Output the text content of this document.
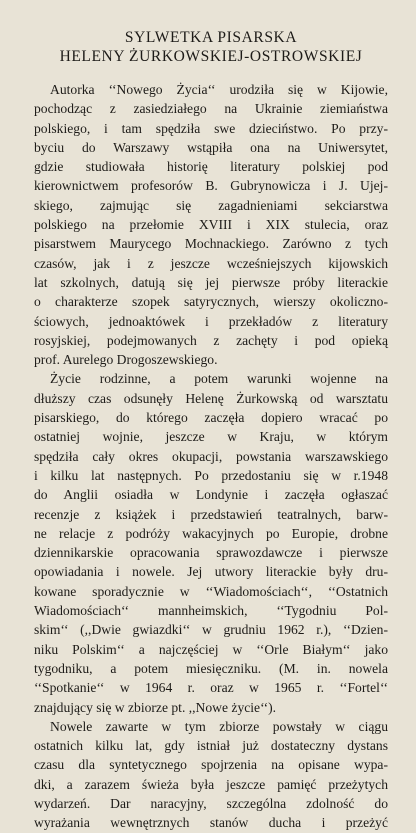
SYLWETKA PISARSKA
HELENY ŻURKOWSKIEJ-OSTROWSKIEJ
Autorka ‘‘Nowego Życia‘‘ urodziła się w Kijowie,
pochodząc z zasiedziałego na Ukrainie ziemiaństwa
polskiego, i tam spędziła swe dzieciństwo. Po przy-
byciu do Warszawy wstąpiła ona na Uniwersytet,
gdzie studiowała historię literatury polskiej pod
kierownictwem profesorów B. Gubrynowicza i J. Ujej-
skiego, zajmując się zagadnieniami sekciarstwa
polskiego na przełomie XVIII i XIX stulecia, oraz
pisarstwem Maurycego Mochnackiego. Zarówno z tych
czasów, jak i z jeszcze wcześniejszych kijowskich
lat szkolnych, datują się jej pierwsze próby literackie
o charakterze szopek satyrycznych, wierszy okoliczno-
ściowych, jednoaktówek i przekładów z literatury
rosyjskiej, podejmowanych z zachęty i pod opieką
prof. Aurelego Drogoszewskiego.
Życie rodzinne, a potem warunki wojenne na
dłuższy czas odsunęły Helenę Żurkowską od warsztatu
pisarskiego, do którego zaczęła dopiero wracać po
ostatniej wojnie, jeszcze w Kraju, w którym
spędziła cały okres okupacji, powstania warszawskiego
i kilku lat następnych. Po przedostaniu się w r.1948
do Anglii osiadła w Londynie i zaczęła ogłaszać
recenzje z książek i przedstawień teatralnych, barw-
ne relacje z podróży wakacyjnych po Europie, drobne
dziennikarskie opracowania sprawozdawcze i pierwsze
opowiadania i nowele. Jej utwory literackie były dru-
kowane sporadycznie w ‘‘Wiadomościach‘‘, ‘‘Ostatnich
Wiadomościach‘‘ mannheimskich, ‘‘Tygodniu Pol-
skim‘‘ (,,Dwie gwiazdki‘‘ w grudniu 1962 r.), ‘‘Dzien-
niku Polskim‘‘ a najczęściej w ‘‘Orle Białym‘‘ jako
tygodniku, a potem miesięczniku. (M. in. nowela
‘‘Spotkanie‘‘ w 1964 r. oraz w 1965 r. ‘‘Fortel‘‘
znajdujący się w zbiorze pt. ,,Nowe życie‘‘).
Nowele zawarte w tym zbiorze powstały w ciągu
ostatnich kilku lat, gdy istniał już dostateczny dystans
czasu dla syntetycznego spojrzenia na opisane wypa-
dki, a zarazem świeża była jeszcze pamięć przeżytych
wydarzeń. Dar naracyjny, szczególna zdolność do
wyrażania wewnętrznych stanów ducha i przeżyć
